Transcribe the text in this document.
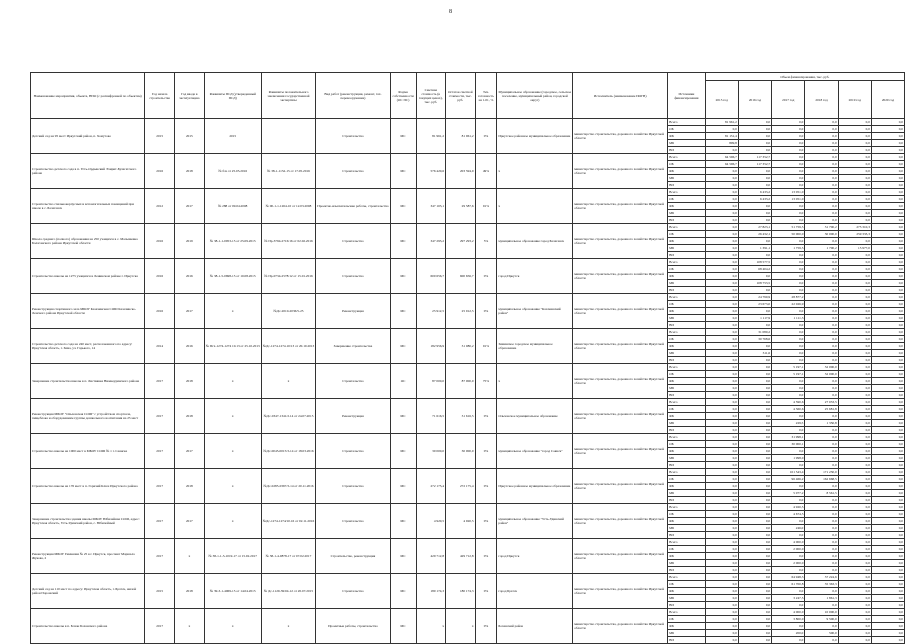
8
Наименование мероприятия, объекта, НПО (с расшифровкой по объектам)	Год начала строительства	Год ввода в эксплуатацию	Реквизиты ПСД (утвержденный ПСД)	Реквизиты положительного заключения государственной экспертизы	Вид работ (реконструкция, ремонт, тех. перевооружение)	Форма собственности (ОС ПС)	Сметная стоимость (в текущих ценах), тыс. руб.	Остаток сметной стоимости, тыс. руб.	Тех. готовность на 1.01, %	Муниципальное образование (городское, сельское поселение, муниципальный район, городской округ)	Исполнитель (наименование ИОГВ)	Источники финансирования	Объем финансирования, тыс. руб.					
													2015 год	2016 год	2017 год	2018 год	2019 год	2020 год
Детский сад на 95 мест Иркутский район, п. Хомутово	2015	2015	2015		Строительство	МС	81 961,2	81 961,2	0%	Иркутское районное муниципальное образование	министерство строительства, дорожного хозяйства Иркутской области	Всего	81 961,2	0,0	0,0	0,0	0,0	0,0
												ОБ	0,0	0,0	0,0	0,0	0,0	0,0
												ФБ	81 151,4	0,0	0,0	0,0	0,0	0,0
												МБ	809,8	0,0	0,0	0,0	0,0	0,0
												ВИ	0,0	0,0	0,0	0,0	0,0	0,0
Строительство детского сада в п. Усть-Ордынский Эхирит-Булагатского района	2016	2018	№ б/н от 25.05.2016	№ 38-1-1152-15 от 17.05.2016	Строительство	МС	576 420,6	203 594,9	49%	х	министерство строительства, дорожного хозяйства Иркутской области	Всего	64 596,7	117 352,7	0,0	0,0	0,0	0,0
												ОБ	64 596,7	117 352,7	0,0	0,0	0,0	0,0
												ФБ	0,0	0,0	0,0	0,0	0,0	0,0
												МБ	0,0	0,0	0,0	0,0	0,0	0,0
												ВИ	0,0	0,0	0,0	0,0	0,0	0,0
Строительство спальнокорпусных и вспомогательных помещений при школе в с. Балаганск	2012	2017	№ 288 от 09.04.2008	№ 00-1-1-1264-10 от 12.03.2008	Проектно-изыскательские работы, строительство	МС	347 103,1	29 587,6	91%	х	министерство строительства, дорожного хозяйства Иркутской области	Всего	0,0	6 433,2	13 051,0	0,0	0,0	0,0
												ОБ	0,0	6 433,2	13 051,0	0,0	0,0	0,0
												ФБ	0,0	0,0	0,0	0,0	0,0	0,0
												МБ	0,0	0,0	0,0	0,0	0,0	0,0
												ВИ	0,0	0,0	0,0	0,0	0,0	0,0
Школа среднего (полного) образования на 250 учащихся в с. Малышевка Балаганского района Иркутской области	2016	2019	№ 38-1-1-0953-15 от 25.09.2015	№ Пр-3794-2716/16 от 02.02.2016	Строительство	МС	347 293,2	297 293,2	5%	муниципальное образование город Балаганск	министерство строительства, дорожного хозяйства Иркутской области	Всего	0,0	27 823,1	51 759,5	31 700,2	275 310,3	0,0
												ОБ	0,0	26 432,1	50 000,0	30 000,0	259 333,3	0,0
												ФБ	0,0	0,0	0,0	0,0	0,0	0,0
												МБ	0,0	1 391,1	1 759,5	1 700,2	15 977,0	0,0
												ВИ	0,0	0,0	0,0	0,0	0,0	0,0
Строительство школы на 1275 учащихся в Ленинском районе г. Иркутска	2016	2016	№ 38-1-5-0698-15 от 10.08.2015	№ Пр-0734-2578/12 от 15.01.2016	Строительство	МС	600 656,7	600 656,7	0%	город Иркутск	министерство строительства, дорожного хозяйства Иркутской области	Всего	0,0	108 577,5	0,0	0,0	0,0	0,0
												ОБ	0,0	68 404,2	0,0	0,0	0,0	0,0
												ФБ	0,0	0,0	0,0	0,0	0,0	0,0
												МБ	0,0	108 753,5	0,0	0,0	0,0	0,0
												ВИ	0,0	0,0	0,0	0,0	0,0	0,0
Реконструкция спортивного зала МБОУ Казачинская СОШ Казачинско-Ленского района Иркутской области	2016	2017	х	№Дс-2010-2036/5-25	Реконструкция	МС	25 912,5	25 912,5	0%	муниципальное образование "Казачинский район"	министерство строительства, дорожного хозяйства Иркутской области	Всего	0,0	24 790,9	28 877,2	0,0	0,0	0,0
												ОБ	0,0	23 673,0	22 026,9	0,0	0,0	0,0
												ФБ	0,0	0,0	0,0	0,0	0,0	0,0
												МБ	0,0	1 117,9	1 111,3	0,0	0,0	0,0
												ВИ	0,0	0,0	0,0	0,0	0,0	0,0
Строительство детского сада на 240 мест, расположенного по адресу: Иркутская область, г. Зима, ул. Горького, 14	2014	2016	№ Пгх-1274-1274 10.13 от 25.10.2013	№Дс-1274-1274.10/13 от 20.10.2013	Завершение строительства	МС	182 956,9	31 080,2	91%	Зиминское городское муниципальное образование	министерство строительства, дорожного хозяйства Иркутской области	Всего	0,0	31 080,2	0,0	0,0	0,0	0,0
												ОБ	0,0	30 768,6	0,0	0,0	0,0	0,0
												ФБ	0,0	0,0	0,0	0,0	0,0	0,0
												МБ	0,0	311,6	0,0	0,0	0,0	0,0
												ВИ	0,0	0,0	0,0	0,0	0,0	0,0
Завершение строительства школы в п. Листвянка Нижнеудинского района	2017	2018	х	х	Строительство	ОС	87 000,0	87 000,0	75%	х	министерство строительства, дорожного хозяйства Иркутской области	Всего	0,0	0,0	5 197,1	32 000,0	0,0	0,0
												ОБ	0,0	0,0	5 197,1	32 000,0	0,0	0,0
												ФБ	0,0	0,0	0,0	0,0	0,0	0,0
												МБ	0,0	0,0	0,0	0,0	0,0	0,0
												ВИ	0,0	0,0	0,0	0,0	0,0	0,0
Реконструкция МБОУ "Ольхонская СОШ" с устройством спортзала, пищеблока и оборудованием группы дошкольного воспитания на 25 мест	2017	2018	х	№Дс-0347-1341/2.14 от 24.07.2015	Реконструкция	МС	71 616,5	31 616,5	0%	Ольхонское муниципальное образование	министерство строительства, дорожного хозяйства Иркутской области	Всего	0,0	0,0	4 590,6	27 033,5	0,0	0,0
												ОБ	0,0	0,0	4 360,6	25 681,8	0,0	0,0
												ФБ	0,0	0,0	0,0	0,0	0,0	0,0
												МБ	0,0	0,0	229,5	1 350,8	0,0	0,0
												ВИ	0,0	0,0	0,0	0,0	0,0	0,0
Строительство школы на 1000 мест в МБОУ СОШ № 1 г. Саянска	2017	2017	х	№Дс-0045-0015/3-14 от 18.03.2016	Строительство	МС	30 000,0	30 000,0	0%	муниципальное образование "город Саянск"	министерство строительства, дорожного хозяйства Иркутской области	Всего	0,0	0,0	31 998,1	0,0	0,0	0,0
												ОБ	0,0	0,0	30 000,1	0,0	0,0	0,0
												ФБ	0,0	0,0	0,0	0,0	0,0	0,0
												МБ	0,0	0,0	1 998,0	0,0	0,0	0,0
												ВИ	0,0	0,0	0,0	0,0	0,0	0,0
Строительство школы на 176 мест в п. Горячий Ключ Иркутского района	2017	2018	х	№Дс-0285-0367/3-14 от 20.11.2016	Строительство	МС	272 175,4	272 175,4	0%	Иркутское районное муниципальное образование	министерство строительства, дорожного хозяйства Иркутской области	Всего	0,0	0,0	101 543,4	171 230,0	0,0	0,0
												ОБ	0,0	0,0	96 466,2	162 668,5	0,0	0,0
												ФБ	0,0	0,0	0,0	0,0	0,0	0,0
												МБ	0,0	0,0	5 077,2	8 561,5	0,0	0,0
												ВИ	0,0	0,0	0,0	0,0	0,0	0,0
Завершение строительства здания школы МБОУ Юбилейная СОШ, адрес: Иркутская область, Усть-Удинский район, с. Юбилейный	2017	2017	х	№Дс-1274-1274/10.16 от 02.11.2016	Строительство	МС	4 920,5	4 920,5	0%	муниципальное образование "Усть-Удинский район"	министерство строительства, дорожного хозяйства Иркутской области	Всего	0,0	0,0	4 920,5	0,0	0,0	0,0
												ОБ	0,0	0,0	4 674,5	0,0	0,0	0,0
												ФБ	0,0	0,0	0,0	0,0	0,0	0,0
												МБ	0,0	0,0	246,0	0,0	0,0	0,0
												ВИ	0,0	0,0	0,0	0,0	0,0	0,0
Реконструкция МБОУ Гимназии № 25 в г. Иркутск, проспект Маршала Жукова, 2	2017	х	№ 38-1-1-3-1019-17 от 15.02.2017	№ 38-1-4-0878-17 от 07.02.2017	Строительство, реконструкция	МС	429 712,8	429 712,8	0%	город Иркутск	министерство строительства, дорожного хозяйства Иркутской области	Всего	0,0	0,0	4 000,0	0,0	0,0	0,0
												ОБ	0,0	0,0	2 000,0	0,0	0,0	0,0
												ФБ	0,0	0,0	0,0	0,0	0,0	0,0
												МБ	0,0	0,0	2 000,0	0,0	0,0	0,0
												ВИ	0,0	0,0	0,0	0,0	0,0	0,0
Детский сад на 110 мест по адресу: Иркутская область, г. Братск, жилой район Порожский	2015	2018	№ 39-3-1-4069-15 от 14.04.2015	№ Дс-1129-39/04-12 от 20.07.2015	Строительство	МС	180 174,3	180 174,3	0%	город Братск	министерство строительства, дорожного хозяйства Иркутской области	Всего	0,0	0,0	64 948,3	37 224,6	0,0	0,0
												ОБ	0,0	0,0	61 700,8	35 363,3	0,0	0,0
												ФБ	0,0	0,0	0,0	0,0	0,0	0,0
												МБ	0,0	0,0	3 247,5	1 861,3	0,0	0,0
												ВИ	0,0	0,0	0,0	0,0	0,0	0,0
Строительство школы в п. Бохан Боханского района	2017	х	х	х	Проектные работы, строительство	МС	х	х	0%	Боханский район	министерство строительства, дорожного хозяйства Иркутской области	Всего	0,0	0,0	4 000,0	10 000,0	0,0	0,0
												ОБ	0,0	0,0	3 800,0	9 500,0	0,0	0,0
												ФБ	0,0	0,0	0,0	0,0	0,0	0,0
												МБ	0,0	0,0	200,0	500,0	0,0	0,0
												ВИ	0,0	0,0	0,0	0,0	0,0	0,0
